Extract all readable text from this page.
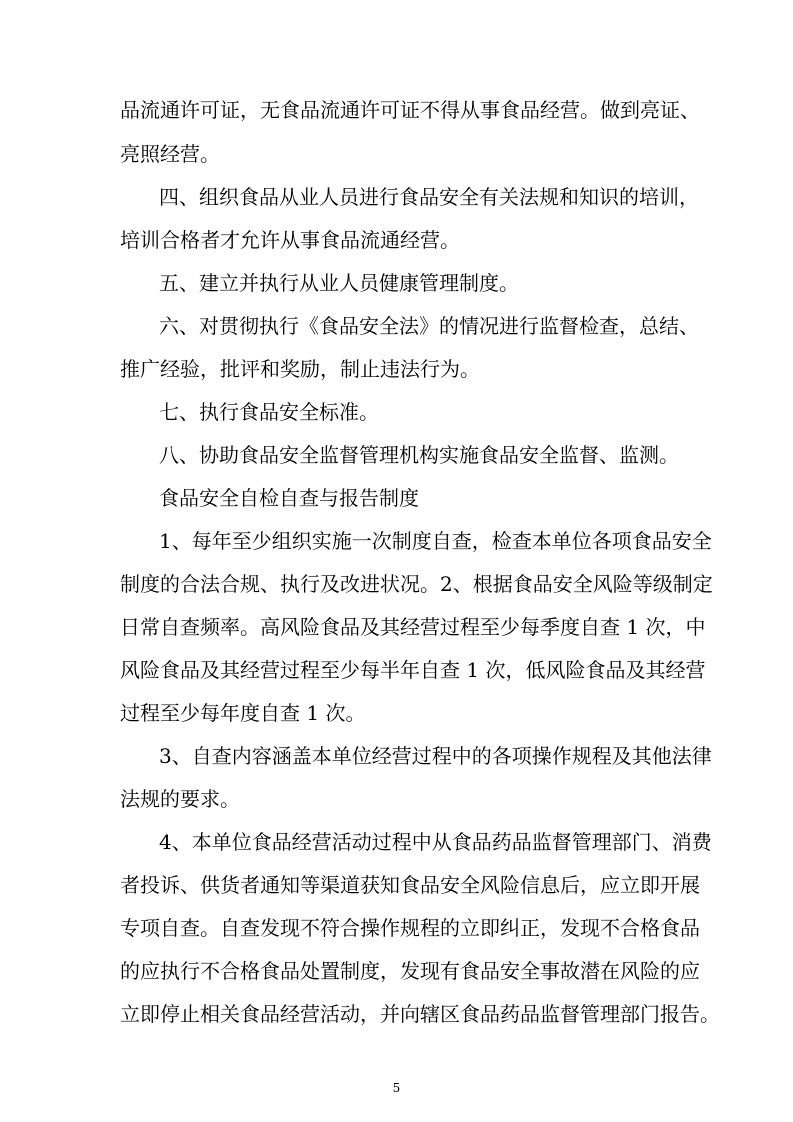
品流通许可证，无食品流通许可证不得从事食品经营。做到亮证、
亮照经营。
四、组织食品从业人员进行食品安全有关法规和知识的培训，
培训合格者才允许从事食品流通经营。
五、建立并执行从业人员健康管理制度。
六、对贯彻执行《食品安全法》的情况进行监督检查，总结、
推广经验，批评和奖励，制止违法行为。
七、执行食品安全标准。
八、协助食品安全监督管理机构实施食品安全监督、监测。
食品安全自检自查与报告制度
1、每年至少组织实施一次制度自查，检查本单位各项食品安全
制度的合法合规、执行及改进状况。2、根据食品安全风险等级制定
日常自查频率。高风险食品及其经营过程至少每季度自查 1 次，中
风险食品及其经营过程至少每半年自查 1 次，低风险食品及其经营
过程至少每年度自查 1 次。
3、自查内容涵盖本单位经营过程中的各项操作规程及其他法律
法规的要求。
4、本单位食品经营活动过程中从食品药品监督管理部门、消费
者投诉、供货者通知等渠道获知食品安全风险信息后，应立即开展
专项自查。自查发现不符合操作规程的立即纠正，发现不合格食品
的应执行不合格食品处置制度，发现有食品安全事故潜在风险的应
立即停止相关食品经营活动，并向辖区食品药品监督管理部门报告。
5
